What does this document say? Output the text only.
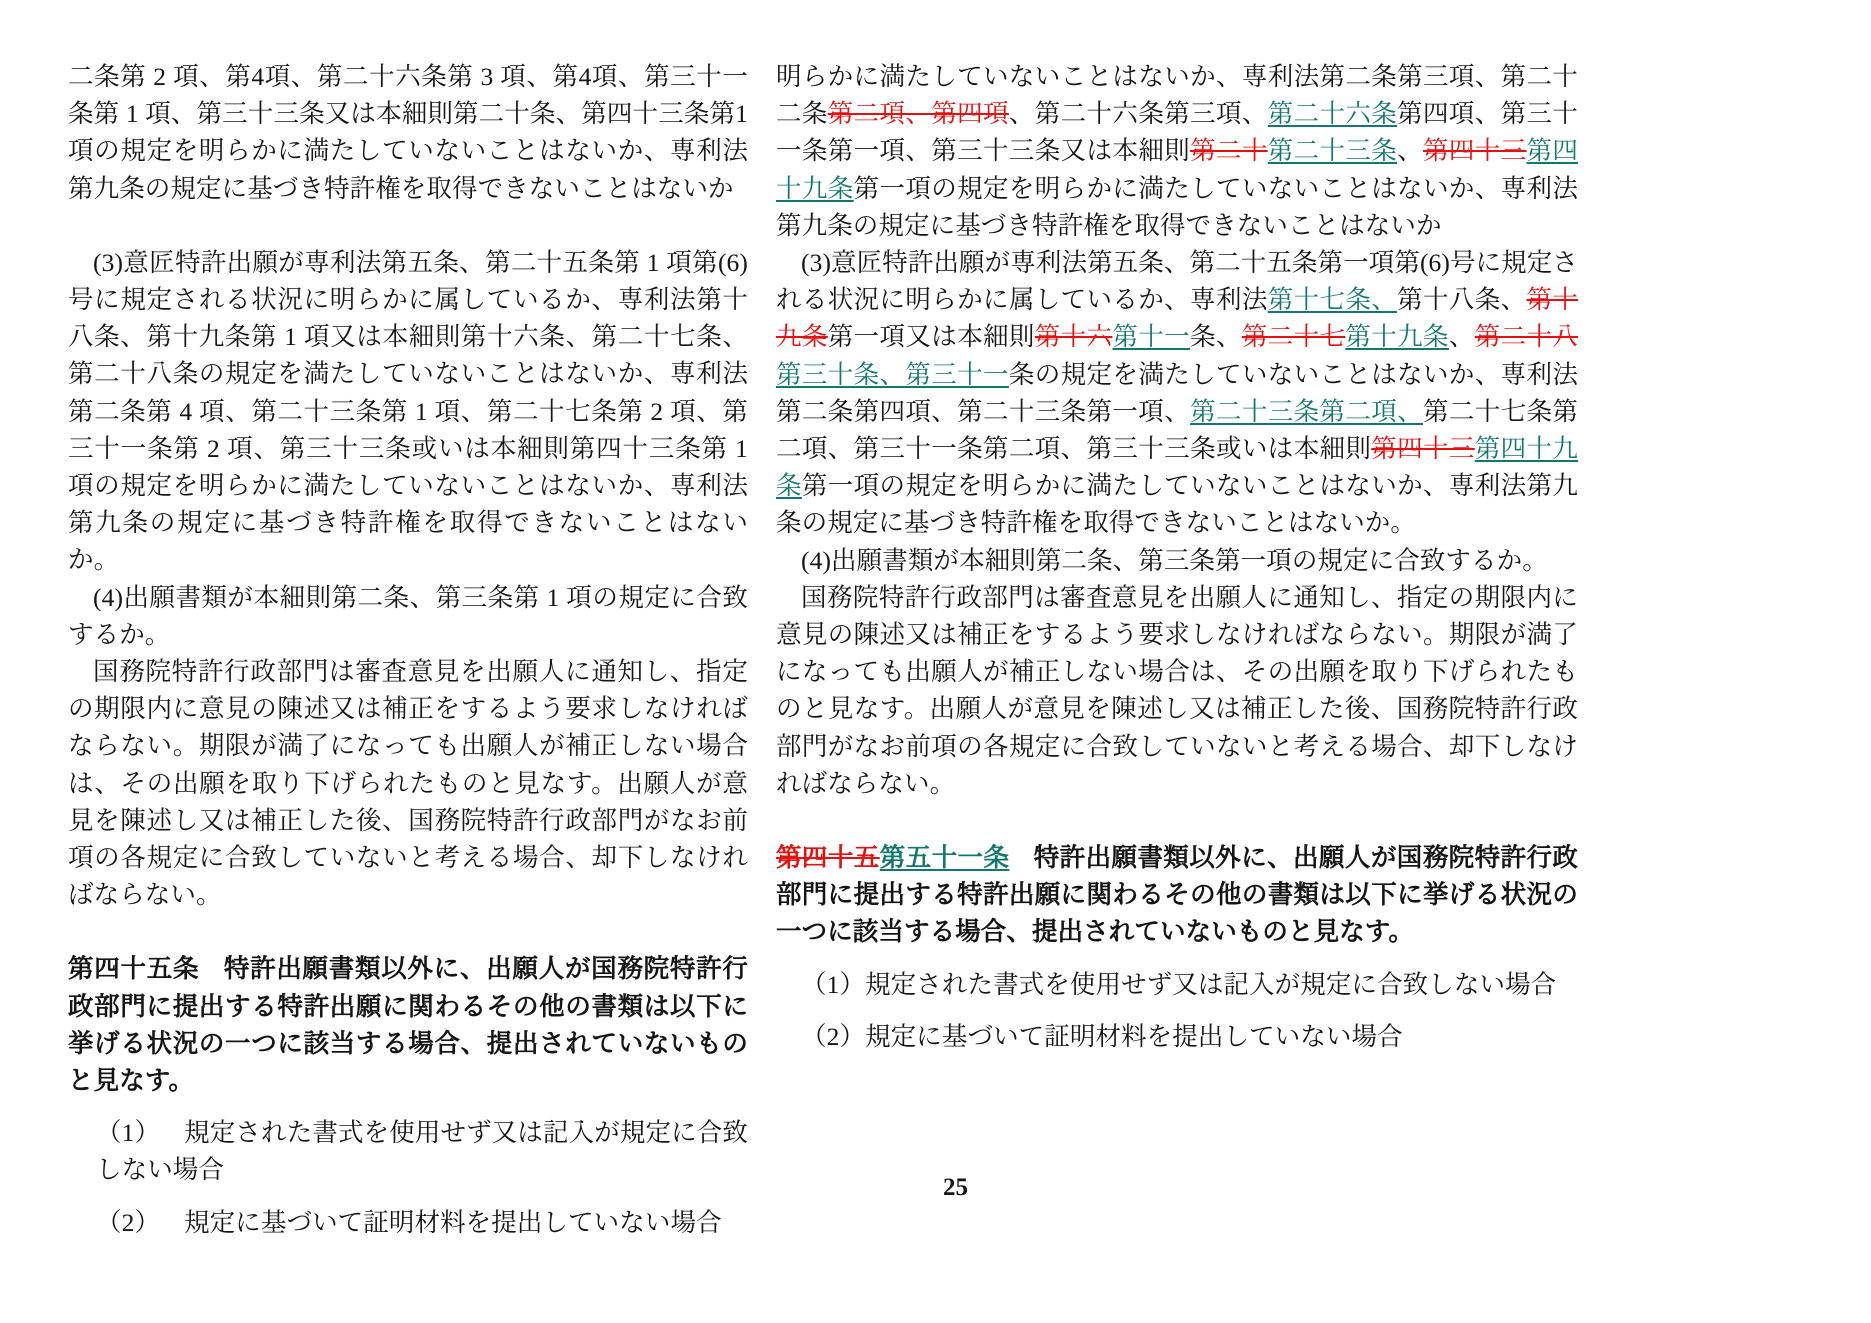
二条第 2 項、第4項、第二十六条第 3 項、第4項、第三十一条第 1 項、第三十三条又は本細則第二十条、第四十三条第1項の規定を明らかに満たしていないことはないか、専利法第九条の規定に基づき特許権を取得できないことはないか

(3)意匠特許出願が専利法第五条、第二十五条第 1 項第(6)号に規定される状況に明らかに属しているか、専利法第十八条、第十九条第 1 項又は本細則第十六条、第二十七条、第二十八条の規定を満たしていないことはないか、専利法第二条第 4 項、第二十三条第 1 項、第二十七条第 2 項、第三十一条第 2 項、第三十三条或いは本細則第四十三条第 1 項の規定を明らかに満たしていないことはないか、専利法第九条の規定に基づき特許権を取得できないことはないか。

(4)出願書類が本細則第二条、第三条第 1 項の規定に合致するか。

国務院特許行政部門は審査意見を出願人に通知し、指定の期限内に意見の陳述又は補正をするよう要求しなければならない。期限が満了になっても出願人が補正しない場合は、その出願を取り下げられたものと見なす。出願人が意見を陳述し又は補正した後、国務院特許行政部門がなお前項の各規定に合致していないと考える場合、却下しなければならない。

第四十五条 特許出願書類以外に、出願人が国務院特許行政部門に提出する特許出願に関わるその他の書類は以下に挙げる状況の一つに該当する場合、提出されていないものと見なす。

（1） 規定された書式を使用せず又は記入が規定に合致しない場合

（2） 規定に基づいて証明材料を提出していない場合

明らかに満たしていないことはないか、専利法第二条第三項、第二十二条第二項、第四項、第二十六条第三項、第二十六条第四項、第三十一条第一項、第三十三条又は本細則第二十第二十三条、第四十三第四十九条第一項の規定を明らかに満たしていないことはないか、専利法第九条の規定に基づき特許権を取得できないことはないか

(3)意匠特許出願が専利法第五条、第二十五条第一項第(6)号に規定される状況に明らかに属しているか、専利法第十七条、第十八条、第十九条第一項又は本細則第十六第十一条、第二十七第十九条、第二十八第三十条、第三十一条の規定を満たしていないことはないか、専利法第二条第四項、第二十三条第一項、第二十三条第二項、第二十七条第二項、第三十一条第二項、第三十三条或いは本細則第四十三第四十九条第一項の規定を明らかに満たしていないことはないか、専利法第九条の規定に基づき特許権を取得できないことはないか。

(4)出願書類が本細則第二条、第三条第一項の規定に合致するか。

国務院特許行政部門は審査意見を出願人に通知し、指定の期限内に意見の陳述又は補正をするよう要求しなければならない。期限が満了になっても出願人が補正しない場合は、その出願を取り下げられたものと見なす。出願人が意見を陳述し又は補正した後、国務院特許行政部門がなお前項の各規定に合致していないと考える場合、却下しなければならない。

第四十五第五十一条 特許出願書類以外に、出願人が国務院特許行政部門に提出する特許出願に関わるその他の書類は以下に挙げる状況の一つに該当する場合、提出されていないものと見なす。

（1）規定された書式を使用せず又は記入が規定に合致しない場合

（2）規定に基づいて証明材料を提出していない場合

25
